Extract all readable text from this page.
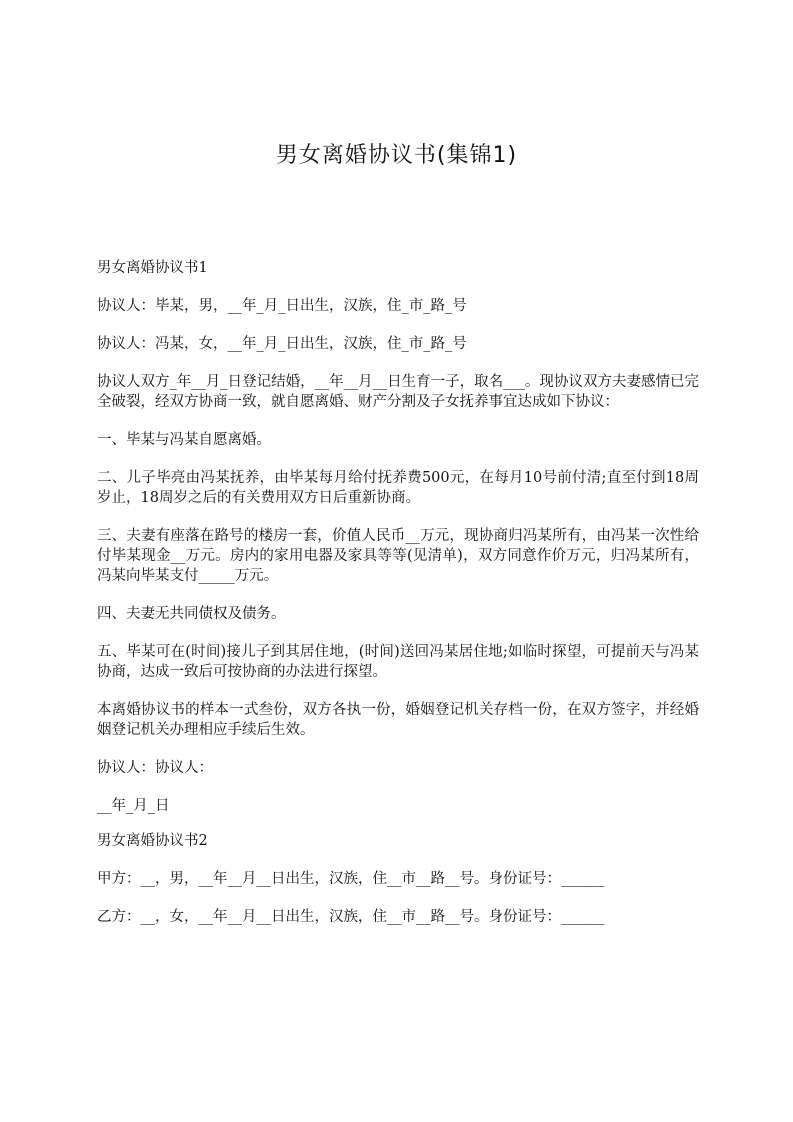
男女离婚协议书(集锦1)

男女离婚协议书1

协议人：毕某，男，__年_月_日出生，汉族，住_市_路_号

协议人：冯某，女，__年_月_日出生，汉族，住_市_路_号

协议人双方_年__月_日登记结婚，__年__月__日生育一子，取名___。现协议双方夫妻感情已完全破裂，经双方协商一致，就自愿离婚、财产分割及子女抚养事宜达成如下协议：

一、毕某与冯某自愿离婚。

二、儿子毕亮由冯某抚养，由毕某每月给付抚养费500元，在每月10号前付清;直至付到18周岁止，18周岁之后的有关费用双方日后重新协商。

三、夫妻有座落在路号的楼房一套，价值人民币__万元，现协商归冯某所有，由冯某一次性给付毕某现金__万元。房内的家用电器及家具等等(见清单)，双方同意作价万元，归冯某所有，冯某向毕某支付_____万元。

四、夫妻无共同债权及债务。

五、毕某可在(时间)接儿子到其居住地，(时间)送回冯某居住地;如临时探望，可提前天与冯某协商，达成一致后可按协商的办法进行探望。

本离婚协议书的样本一式叁份，双方各执一份，婚姻登记机关存档一份，在双方签字，并经婚姻登记机关办理相应手续后生效。

协议人：协议人：

__年_月_日

男女离婚协议书2

甲方：__，男，__年__月__日出生，汉族，住__市__路__号。身份证号：______

乙方：__，女，__年__月__日出生，汉族，住__市__路__号。身份证号：______
